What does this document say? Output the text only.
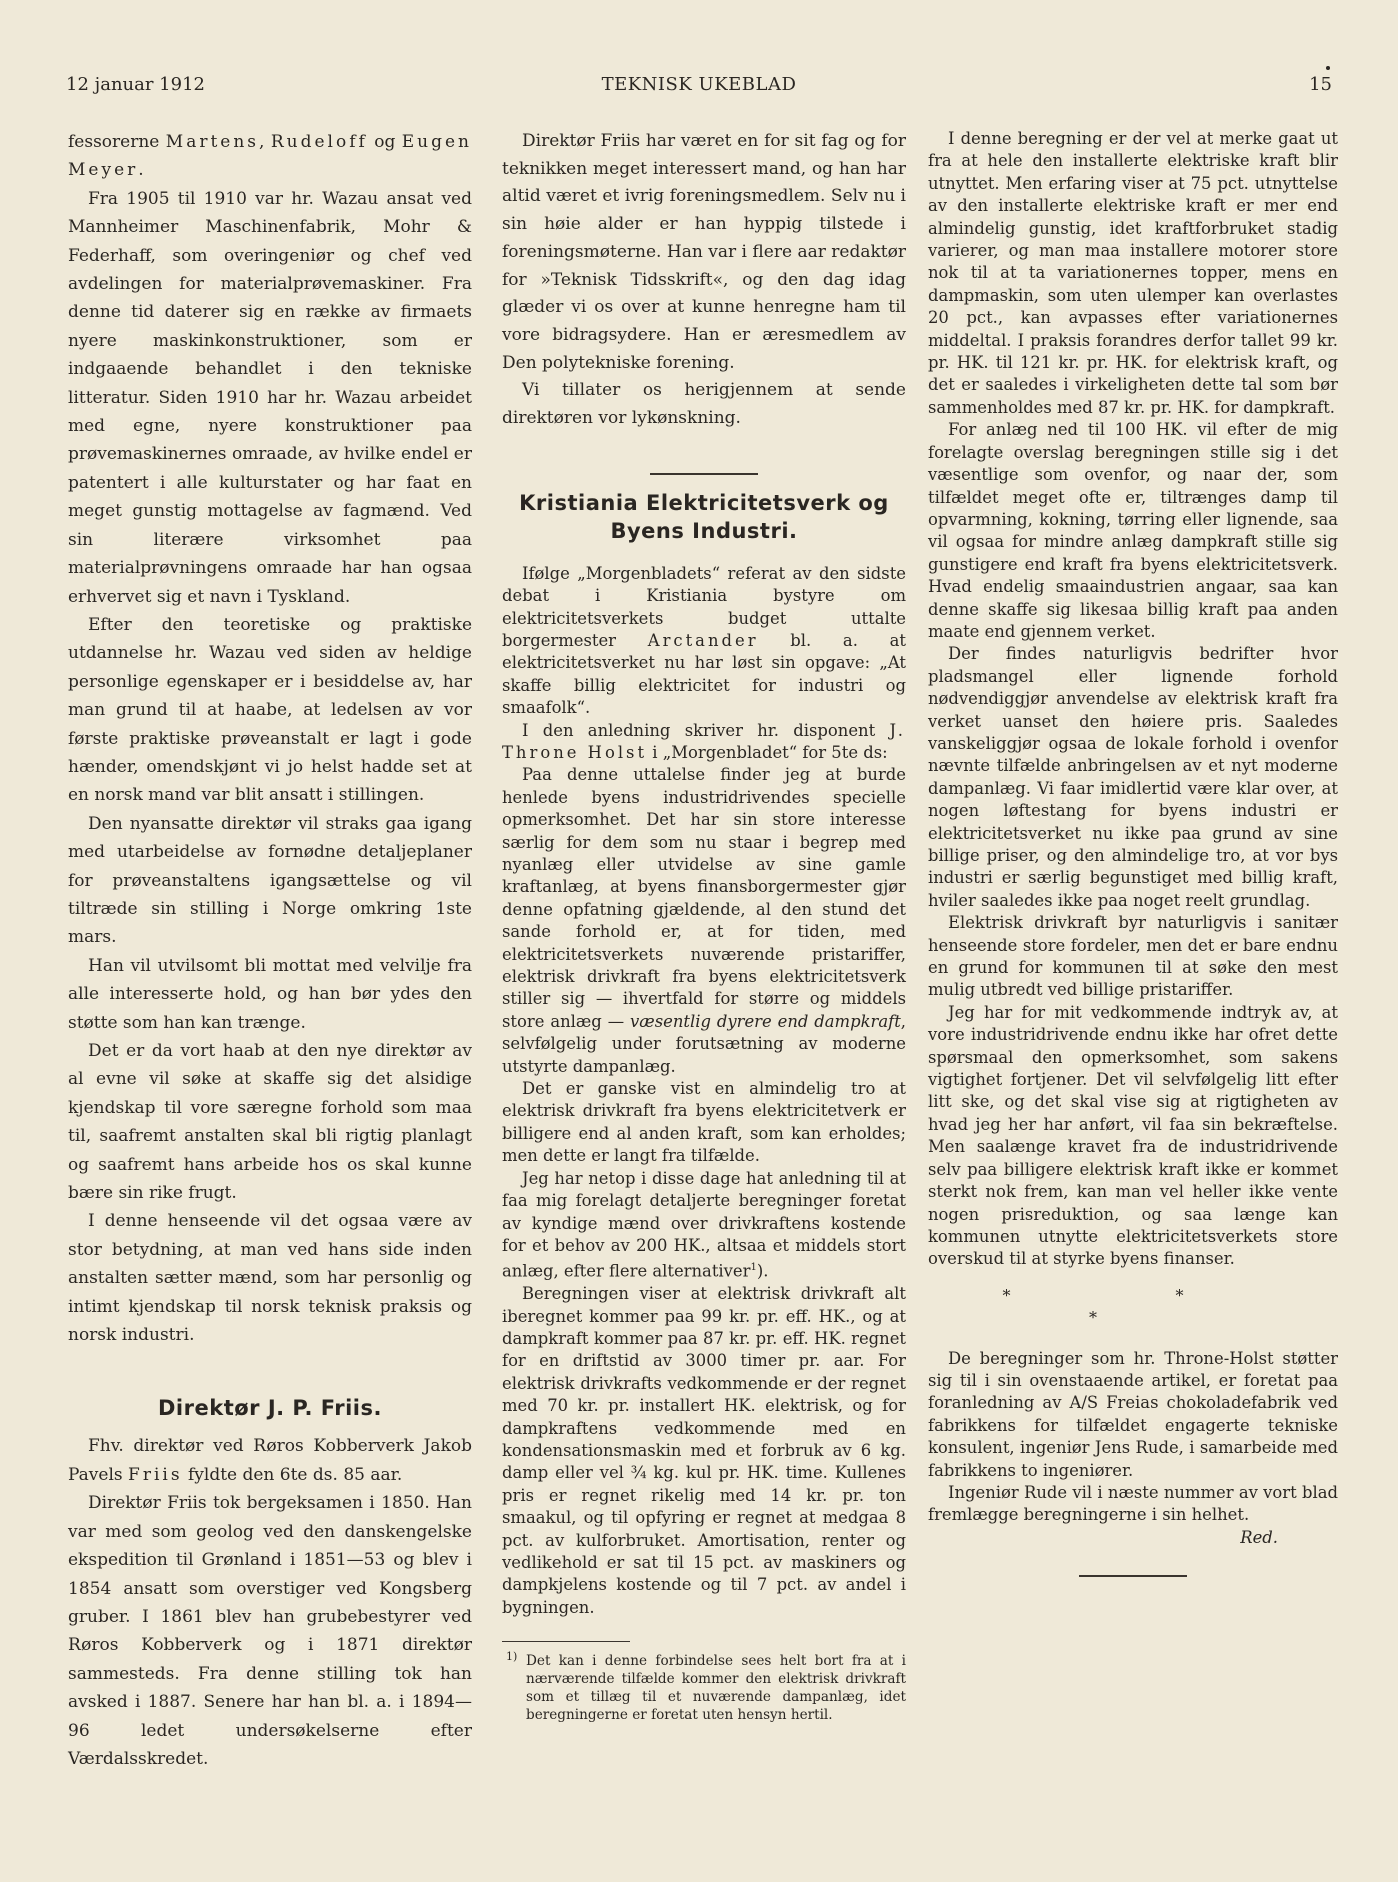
12 januar 1912	TEKNISK UKEBLAD	15

fessorerne Martens, Rudeloff og Eugen Meyer.

Fra 1905 til 1910 var hr. Wazau ansat ved Mannheimer Maschinenfabrik, Mohr & Federhaff, som overingeniør og chef ved avdelingen for materialprøvemaskiner. Fra denne tid daterer sig en række av firmaets nyere maskinkonstruktioner, som er indgaaende behandlet i den tekniske litteratur. Siden 1910 har hr. Wazau arbeidet med egne, nyere konstruktioner paa prøvemaskinernes omraade, av hvilke endel er patentert i alle kulturstater og har faat en meget gunstig mottagelse av fagmænd. Ved sin literære virksomhet paa materialprøvningens omraade har han ogsaa erhvervet sig et navn i Tyskland.

Efter den teoretiske og praktiske utdannelse hr. Wazau ved siden av heldige personlige egenskaper er i besiddelse av, har man grund til at haabe, at ledelsen av vor første praktiske prøveanstalt er lagt i gode hænder, omendskjønt vi jo helst hadde set at en norsk mand var blit ansatt i stillingen.

Den nyansatte direktør vil straks gaa igang med utarbeidelse av fornødne detaljeplaner for prøveanstaltens igangsættelse og vil tiltræde sin stilling i Norge omkring 1ste mars.

Han vil utvilsomt bli mottat med velvilje fra alle interesserte hold, og han bør ydes den støtte som han kan trænge.

Det er da vort haab at den nye direktør av al evne vil søke at skaffe sig det alsidige kjendskap til vore særegne forhold som maa til, saafremt anstalten skal bli rigtig planlagt og saafremt hans arbeide hos os skal kunne bære sin rike frugt.

I denne henseende vil det ogsaa være av stor betydning, at man ved hans side inden anstalten sætter mænd, som har personlig og intimt kjendskap til norsk teknisk praksis og norsk industri.

Direktør J. P. Friis.

Fhv. direktør ved Røros Kobberverk Jakob Pavels Friis fyldte den 6te ds. 85 aar.

Direktør Friis tok bergeksamen i 1850. Han var med som geolog ved den danskengelske ekspedition til Grønland i 1851—53 og blev i 1854 ansatt som overstiger ved Kongsberg gruber. I 1861 blev han grubebestyrer ved Røros Kobberverk og i 1871 direktør sammesteds. Fra denne stilling tok han avsked i 1887. Senere har han bl. a. i 1894—96 ledet undersøkelserne efter Værdalsskredet.

Direktør Friis har været en for sit fag og for teknikken meget interessert mand, og han har altid været et ivrig foreningsmedlem. Selv nu i sin høie alder er han hyppig tilstede i foreningsmøterne. Han var i flere aar redaktør for »Teknisk Tidsskrift«, og den dag idag glæder vi os over at kunne henregne ham til vore bidragsydere. Han er æresmedlem av Den polytekniske forening.

Vi tillater os herigjennem at sende direktøren vor lykønskning.

Kristiania Elektricitetsverk og Byens Industri.

Ifølge „Morgenbladets“ referat av den sidste debat i Kristiania bystyre om elektricitetsverkets budget uttalte borgermester Arctander bl. a. at elektricitetsverket nu har løst sin opgave: „At skaffe billig elektricitet for industri og smaafolk“.

I den anledning skriver hr. disponent J. Throne Holst i „Morgenbladet“ for 5te ds:

Paa denne uttalelse finder jeg at burde henlede byens industridrivendes specielle opmerksomhet. Det har sin store interesse særlig for dem som nu staar i begrep med nyanlæg eller utvidelse av sine gamle kraftanlæg, at byens finansborgermester gjør denne opfatning gjældende, al den stund det sande forhold er, at for tiden, med elektricitetsverkets nuværende pristariffer, elektrisk drivkraft fra byens elektricitetsverk stiller sig — ihvertfald for større og middels store anlæg — væsentlig dyrere end dampkraft, selvfølgelig under forutsætning av moderne utstyrte dampanlæg.

Det er ganske vist en almindelig tro at elektrisk drivkraft fra byens elektricitetverk er billigere end al anden kraft, som kan erholdes; men dette er langt fra tilfælde.

Jeg har netop i disse dage hat anledning til at faa mig forelagt detaljerte beregninger foretat av kyndige mænd over drivkraftens kostende for et behov av 200 HK., altsaa et middels stort anlæg, efter flere alternativer$^1$).

Beregningen viser at elektrisk drivkraft alt iberegnet kommer paa 99 kr. pr. eff. HK., og at dampkraft kommer paa 87 kr. pr. eff. HK. regnet for en driftstid av 3000 timer pr. aar. For elektrisk drivkrafts vedkommende er der regnet med 70 kr. pr. installert HK. elektrisk, og for dampkraftens vedkommende med en kondensationsmaskin med et forbruk av 6 kg. damp eller vel ¾ kg. kul pr. HK. time. Kullenes pris er regnet rikelig med 14 kr. pr. ton smaakul, og til opfyring er regnet at medgaa 8 pct. av kulforbruket. Amortisation, renter og vedlikehold er sat til 15 pct. av maskiners og dampkjelens kostende og til 7 pct. av andel i bygningen.

1) Det kan i denne forbindelse sees helt bort fra at i nærværende tilfælde kommer den elektrisk drivkraft som et tillæg til et nuværende dampanlæg, idet beregningerne er foretat uten hensyn hertil.

I denne beregning er der vel at merke gaat ut fra at hele den installerte elektriske kraft blir utnyttet. Men erfaring viser at 75 pct. utnyttelse av den installerte elektriske kraft er mer end almindelig gunstig, idet kraftforbruket stadig varierer, og man maa installere motorer store nok til at ta variationernes topper, mens en dampmaskin, som uten ulemper kan overlastes 20 pct., kan avpasses efter variationernes middeltal. I praksis forandres derfor tallet 99 kr. pr. HK. til 121 kr. pr. HK. for elektrisk kraft, og det er saaledes i virkeligheten dette tal som bør sammenholdes med 87 kr. pr. HK. for dampkraft.

For anlæg ned til 100 HK. vil efter de mig forelagte overslag beregningen stille sig i det væsentlige som ovenfor, og naar der, som tilfældet meget ofte er, tiltrænges damp til opvarmning, kokning, tørring eller lignende, saa vil ogsaa for mindre anlæg dampkraft stille sig gunstigere end kraft fra byens elektricitetsverk. Hvad endelig smaaindustrien angaar, saa kan denne skaffe sig likesaa billig kraft paa anden maate end gjennem verket.

Der findes naturligvis bedrifter hvor pladsmangel eller lignende forhold nødvendiggjør anvendelse av elektrisk kraft fra verket uanset den høiere pris. Saaledes vanskeliggjør ogsaa de lokale forhold i ovenfor nævnte tilfælde anbringelsen av et nyt moderne dampanlæg. Vi faar imidlertid være klar over, at nogen løftestang for byens industri er elektricitetsverket nu ikke paa grund av sine billige priser, og den almindelige tro, at vor bys industri er særlig begunstiget med billig kraft, hviler saaledes ikke paa noget reelt grundlag.

Elektrisk drivkraft byr naturligvis i sanitær henseende store fordeler, men det er bare endnu en grund for kommunen til at søke den mest mulig utbredt ved billige pristariffer.

Jeg har for mit vedkommende indtryk av, at vore industridrivende endnu ikke har ofret dette spørsmaal den opmerksomhet, som sakens vigtighet fortjener. Det vil selvfølgelig litt efter litt ske, og det skal vise sig at rigtigheten av hvad jeg her har anført, vil faa sin bekræftelse. Men saalænge kravet fra de industridrivende selv paa billigere elektrisk kraft ikke er kommet sterkt nok frem, kan man vel heller ikke vente nogen prisreduktion, og saa længe kan kommunen utnytte elektricitetsverkets store overskud til at styrke byens finanser.

* * *

De beregninger som hr. Throne-Holst støtter sig til i sin ovenstaaende artikel, er foretat paa foranledning av A/S Freias chokoladefabrik ved fabrikkens for tilfældet engagerte tekniske konsulent, ingeniør Jens Rude, i samarbeide med fabrikkens to ingeniører.

Ingeniør Rude vil i næste nummer av vort blad fremlægge beregningerne i sin helhet.

Red.
